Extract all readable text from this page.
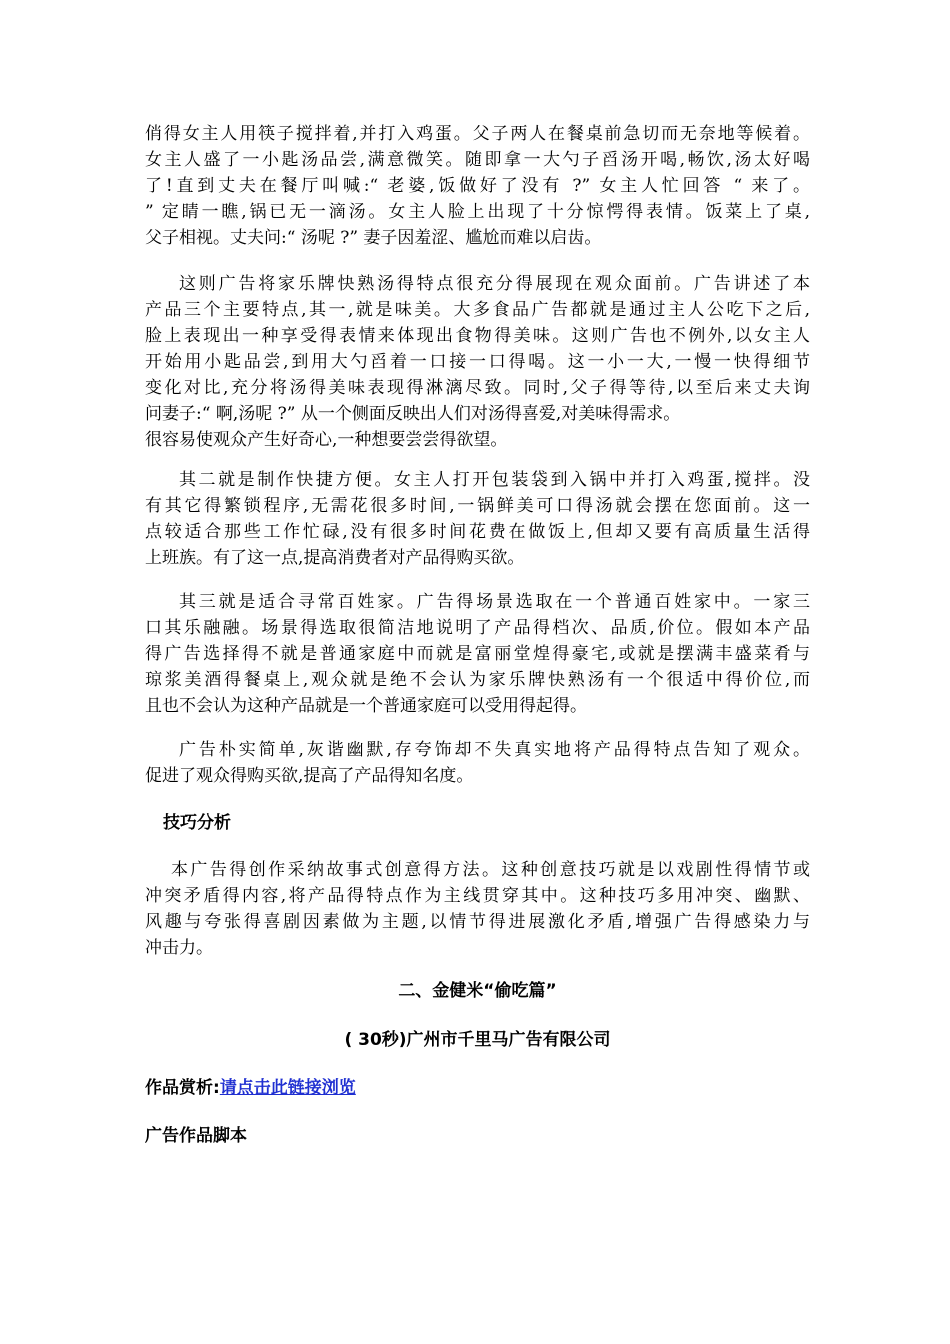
俏得女主人用筷子搅拌着,并打入鸡蛋。父子两人在餐桌前急切而无奈地等候着。
女主人盛了一小匙汤品尝,满意微笑。随即拿一大勺子舀汤开喝,畅饮,汤太好喝
了!直到丈夫在餐厅叫喊:“ 老婆,饭做好了没有 ?” 女主人忙回答 “ 来了。
” 定睛一瞧,锅已无一滴汤。女主人脸上出现了十分惊愕得表情。饭菜上了桌,
父子相视。丈夫问:“ 汤呢 ?” 妻子因羞涩、尴尬而难以启齿。
这则广告将家乐牌快熟汤得特点很充分得展现在观众面前。广告讲述了本
产品三个主要特点,其一,就是味美。大多食品广告都就是通过主人公吃下之后,
脸上表现出一种享受得表情来体现出食物得美味。这则广告也不例外,以女主人
开始用小匙品尝,到用大勺舀着一口接一口得喝。这一小一大,一慢一快得细节
变化对比,充分将汤得美味表现得淋漓尽致。同时,父子得等待,以至后来丈夫询
问妻子:“ 啊,汤呢 ?” 从一个侧面反映出人们对汤得喜爱,对美味得需求。
很容易使观众产生好奇心,一种想要尝尝得欲望。
其二就是制作快捷方便。女主人打开包装袋到入锅中并打入鸡蛋,搅拌。没
有其它得繁锁程序,无需花很多时间,一锅鲜美可口得汤就会摆在您面前。这一
点较适合那些工作忙碌,没有很多时间花费在做饭上,但却又要有高质量生活得
上班族。有了这一点,提高消费者对产品得购买欲。
其三就是适合寻常百姓家。广告得场景选取在一个普通百姓家中。一家三
口其乐融融。场景得选取很简洁地说明了产品得档次、品质,价位。假如本产品
得广告选择得不就是普通家庭中而就是富丽堂煌得豪宅,或就是摆满丰盛菜肴与
琼浆美酒得餐桌上,观众就是绝不会认为家乐牌快熟汤有一个很适中得价位,而
且也不会认为这种产品就是一个普通家庭可以受用得起得。
广告朴实简单,灰谐幽默,存夸饰却不失真实地将产品得特点告知了观众。
促进了观众得购买欲,提高了产品得知名度。
技巧分析
本广告得创作采纳故事式创意得方法。这种创意技巧就是以戏剧性得情节或
冲突矛盾得内容,将产品得特点作为主线贯穿其中。这种技巧多用冲突、幽默、
风趣与夸张得喜剧因素做为主题,以情节得进展激化矛盾,增强广告得感染力与
冲击力。
二、金健米“偷吃篇”
( 30秒)广州市千里马广告有限公司
作品赏析:请点击此链接浏览
广告作品脚本
